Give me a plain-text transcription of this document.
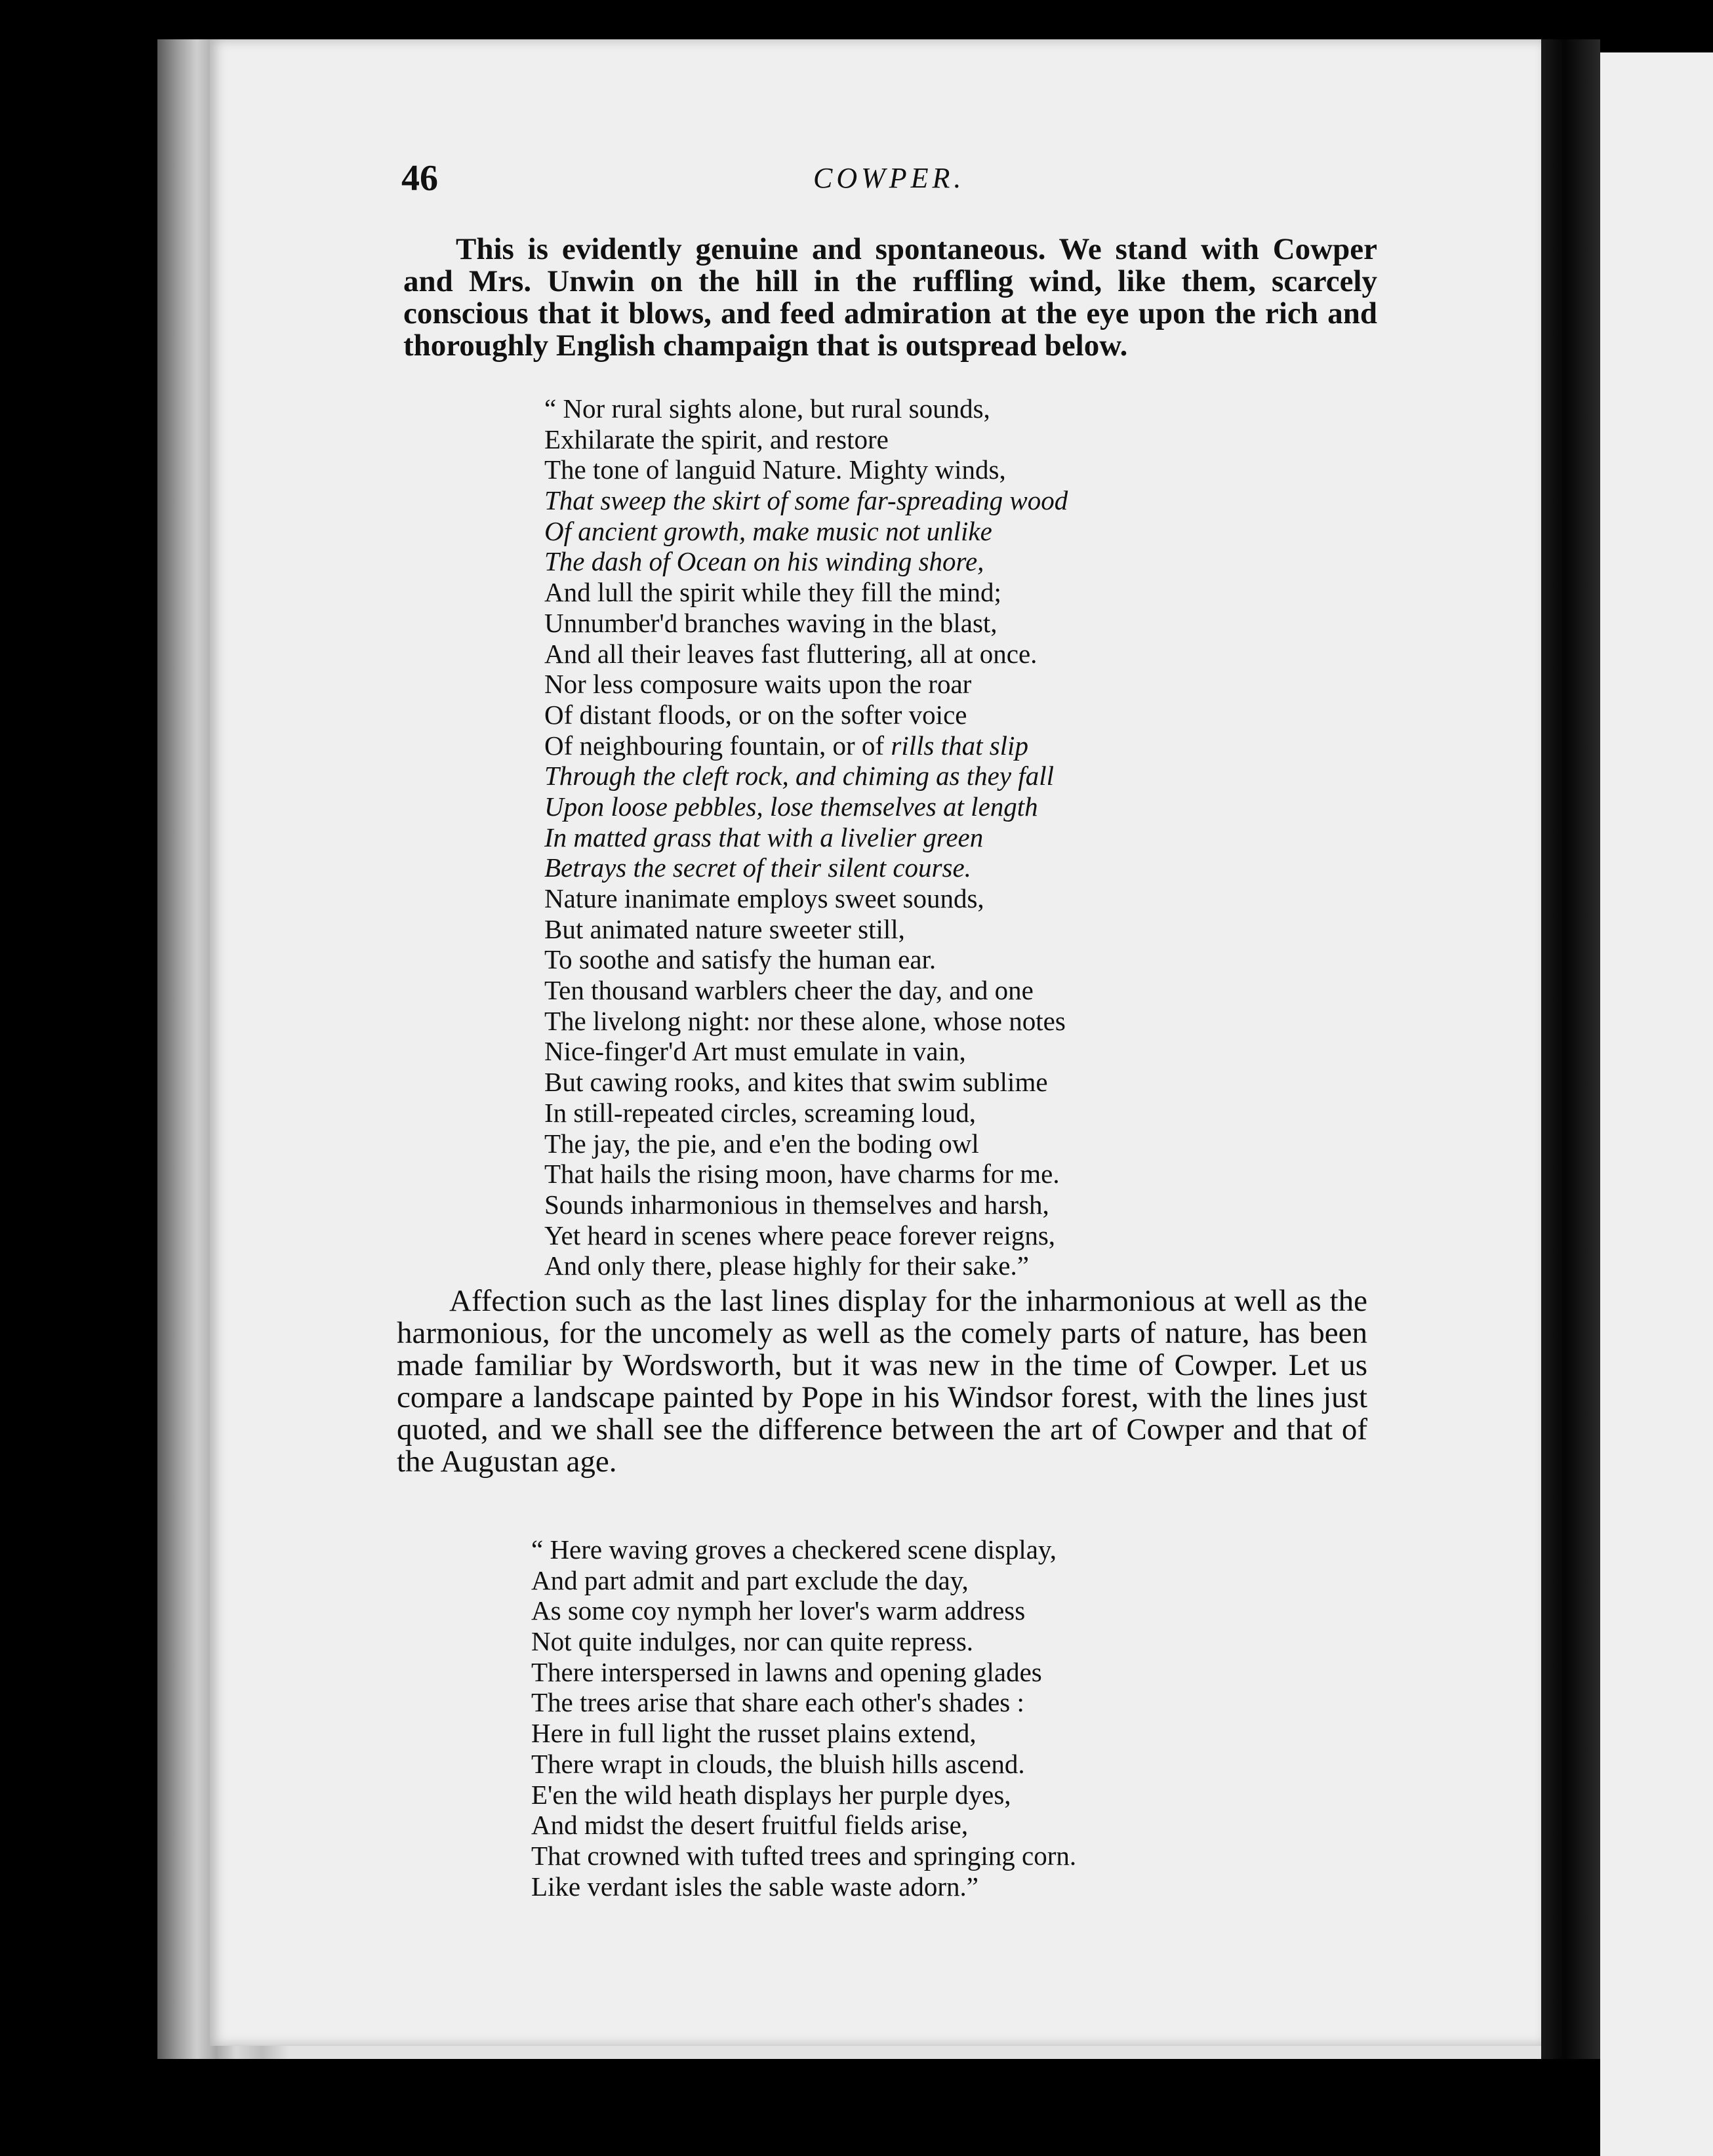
46	COWPER.

This is evidently genuine and spontaneous. We stand with Cowper and Mrs. Unwin on the hill in the ruffling wind, like them, scarcely conscious that it blows, and feed admiration at the eye upon the rich and thoroughly English champaign that is outspread below.

“ Nor rural sights alone, but rural sounds,
Exhilarate the spirit, and restore
The tone of languid Nature. Mighty winds,
That sweep the skirt of some far-spreading wood
Of ancient growth, make music not unlike
The dash of Ocean on his winding shore,
And lull the spirit while they fill the mind;
Unnumber'd branches waving in the blast,
And all their leaves fast fluttering, all at once.
Nor less composure waits upon the roar
Of distant floods, or on the softer voice
Of neighbouring fountain, or of rills that slip
Through the cleft rock, and chiming as they fall
Upon loose pebbles, lose themselves at length
In matted grass that with a livelier green
Betrays the secret of their silent course.
Nature inanimate employs sweet sounds,
But animated nature sweeter still,
To soothe and satisfy the human ear.
Ten thousand warblers cheer the day, and one
The livelong night: nor these alone, whose notes
Nice-finger'd Art must emulate in vain,
But cawing rooks, and kites that swim sublime
In still-repeated circles, screaming loud,
The jay, the pie, and e'en the boding owl
That hails the rising moon, have charms for me.
Sounds inharmonious in themselves and harsh,
Yet heard in scenes where peace forever reigns,
And only there, please highly for their sake.”

Affection such as the last lines display for the inharmonious at well as the harmonious, for the uncomely as well as the comely parts of nature, has been made familiar by Wordsworth, but it was new in the time of Cowper. Let us compare a landscape painted by Pope in his Windsor forest, with the lines just quoted, and we shall see the difference between the art of Cowper and that of the Augustan age.

“ Here waving groves a checkered scene display,
And part admit and part exclude the day,
As some coy nymph her lover's warm address
Not quite indulges, nor can quite repress.
There interspersed in lawns and opening glades
The trees arise that share each other's shades :
Here in full light the russet plains extend,
There wrapt in clouds, the bluish hills ascend.
E'en the wild heath displays her purple dyes,
And midst the desert fruitful fields arise,
That crowned with tufted trees and springing corn.
Like verdant isles the sable waste adorn.”
